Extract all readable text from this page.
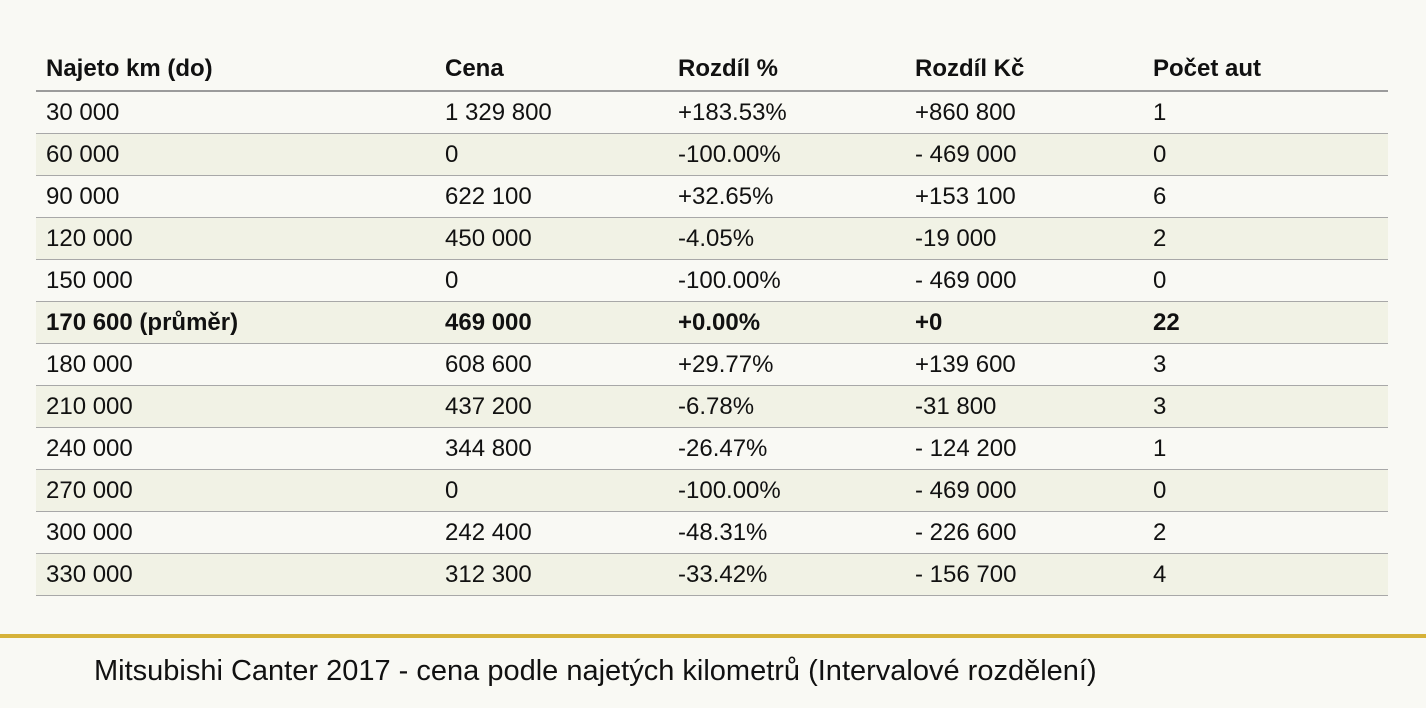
Najeto km (do)	Cena	Rozdíl %	Rozdíl Kč	Počet aut
30 000	1 329 800	+183.53%	+860 800	1
60 000	0	-100.00%	- 469 000	0
90 000	622 100	+32.65%	+153 100	6
120 000	450 000	-4.05%	-19 000	2
150 000	0	-100.00%	- 469 000	0
170 600 (průměr)	469 000	+0.00%	+0	22
180 000	608 600	+29.77%	+139 600	3
210 000	437 200	-6.78%	-31 800	3
240 000	344 800	-26.47%	- 124 200	1
270 000	0	-100.00%	- 469 000	0
300 000	242 400	-48.31%	- 226 600	2
330 000	312 300	-33.42%	- 156 700	4
Mitsubishi Canter 2017 - cena podle najetých kilometrů (Intervalové rozdělení)
